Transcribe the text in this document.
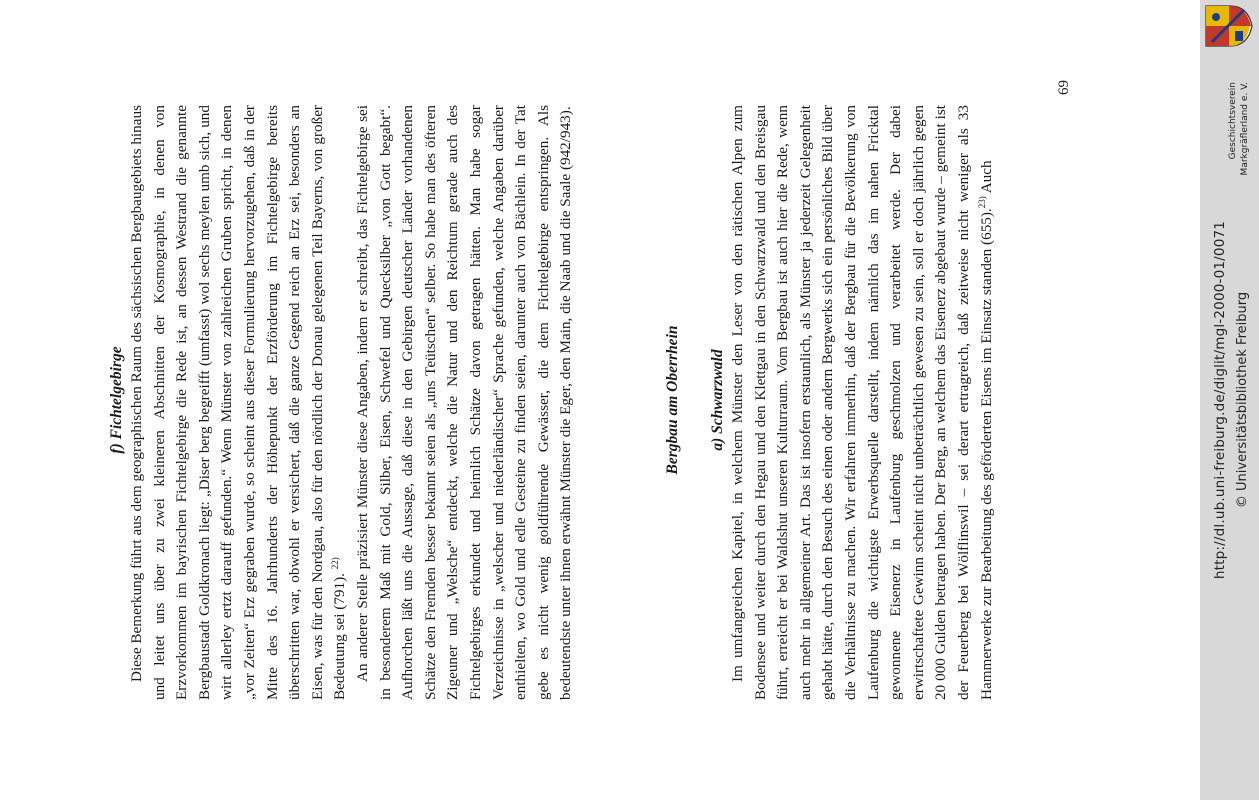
f) Fichtelgebirge Diese Bemerkung führt aus dem geographischen Raum des sächsischen Bergbaugebiets hinaus und leitet uns über zu zwei kleineren Abschnitten der Kosmographie, in denen von Erzvorkommen im bayrischen Fichtelgebirge die Rede ist, an dessen Westrand die genannte Bergbaustadt Goldkronach liegt: „Diser berg begreifft (umfasst) wol sechs meylen umb sich, und wirt allerley ertzt darauff gefunden.“ Wenn Münster von zahlreichen Gruben spricht, in denen „vor Zeiten“ Erz gegraben wurde, so scheint aus dieser Formulierung hervorzugehen, daß in der Mitte des 16. Jahrhunderts der Höhepunkt der Erzförderung im Fichtelgebirge bereits überschritten war, obwohl er versichert, daß die ganze Gegend reich an Erz sei, besonders an Eisen, was für den Nordgau, also für den nördlich der Donau gelegenen Teil Bayerns, von großer Bedeutung sei (791). $^{22)}$ An anderer Stelle präzisiert Münster diese Angaben, indem er schreibt, das Fichtelgebirge sei in besonderem Maß mit Gold, Silber, Eisen, Schwefel und Quecksilber „von Gott begabt“. Aufhorchen läßt uns die Aussage, daß diese in den Gebirgen deutscher Länder vorhandenen Schätze den Fremden besser bekannt seien als „uns Teütschen“ selber. So habe man des öfteren Zigeuner und „Welsche“ entdeckt, welche die Natur und den Reichtum gerade auch des Fichtelgebirges erkundet und heimlich Schätze davon getragen hätten. Man habe sogar Verzeichnisse in „welscher und niederländischer“ Sprache gefunden, welche Angaben darüber enthielten, wo Gold und edle Gesteine zu finden seien, darunter auch von Bächlein. In der Tat gebe es nicht wenig goldführende Gewässer, die dem Fichtelgebirge entspringen. Als bedeutendste unter ihnen erwähnt Münster die Eger, den Main, die Naab und die Saale (942/943).	Bergbau am Oberrhein a) Schwarzwald Im umfangreichen Kapitel, in welchem Münster den Leser von den rätischen Alpen zum Bodensee und weiter durch den Hegau und den Klettgau in den Schwarzwald und den Breisgau führt, erreicht er bei Waldshut unseren Kulturraum. Vom Bergbau ist auch hier die Rede, wenn auch mehr in allgemeiner Art. Das ist insofern erstaunlich, als Münster ja jederzeit Gelegenheit gehabt hätte, durch den Besuch des einen oder andern Bergwerks sich ein persönliches Bild über die Verhältnisse zu machen. Wir erfahren immerhin, daß der Bergbau für die Bevölkerung von Laufenburg die wichtigste Erwerbsquelle darstellt, indem nämlich das im nahen Fricktal gewonnene Eisenerz in Laufenburg geschmolzen und verarbeitet werde. Der dabei erwirtschaftete Gewinn scheint nicht unbeträchtlich gewesen zu sein, soll er doch jährlich gegen 20 000 Gulden betragen haben. Der Berg, an welchem das Eisenerz abgebaut wurde – gemeint ist der Feuerberg bei Wölflinswil – sei derart ertragreich, daß zeitweise nicht weniger als 33 Hammerwerke zur Bearbeitung des geförderten Eisens im Einsatz standen (655).$^{23)}$ Auch

69
http://dl.ub.uni-freiburg.de/diglit/mgl-2000-01/0071 © Universitätsbibliothek Freiburg
Geschichtsverein Markgräflerland e. V.
